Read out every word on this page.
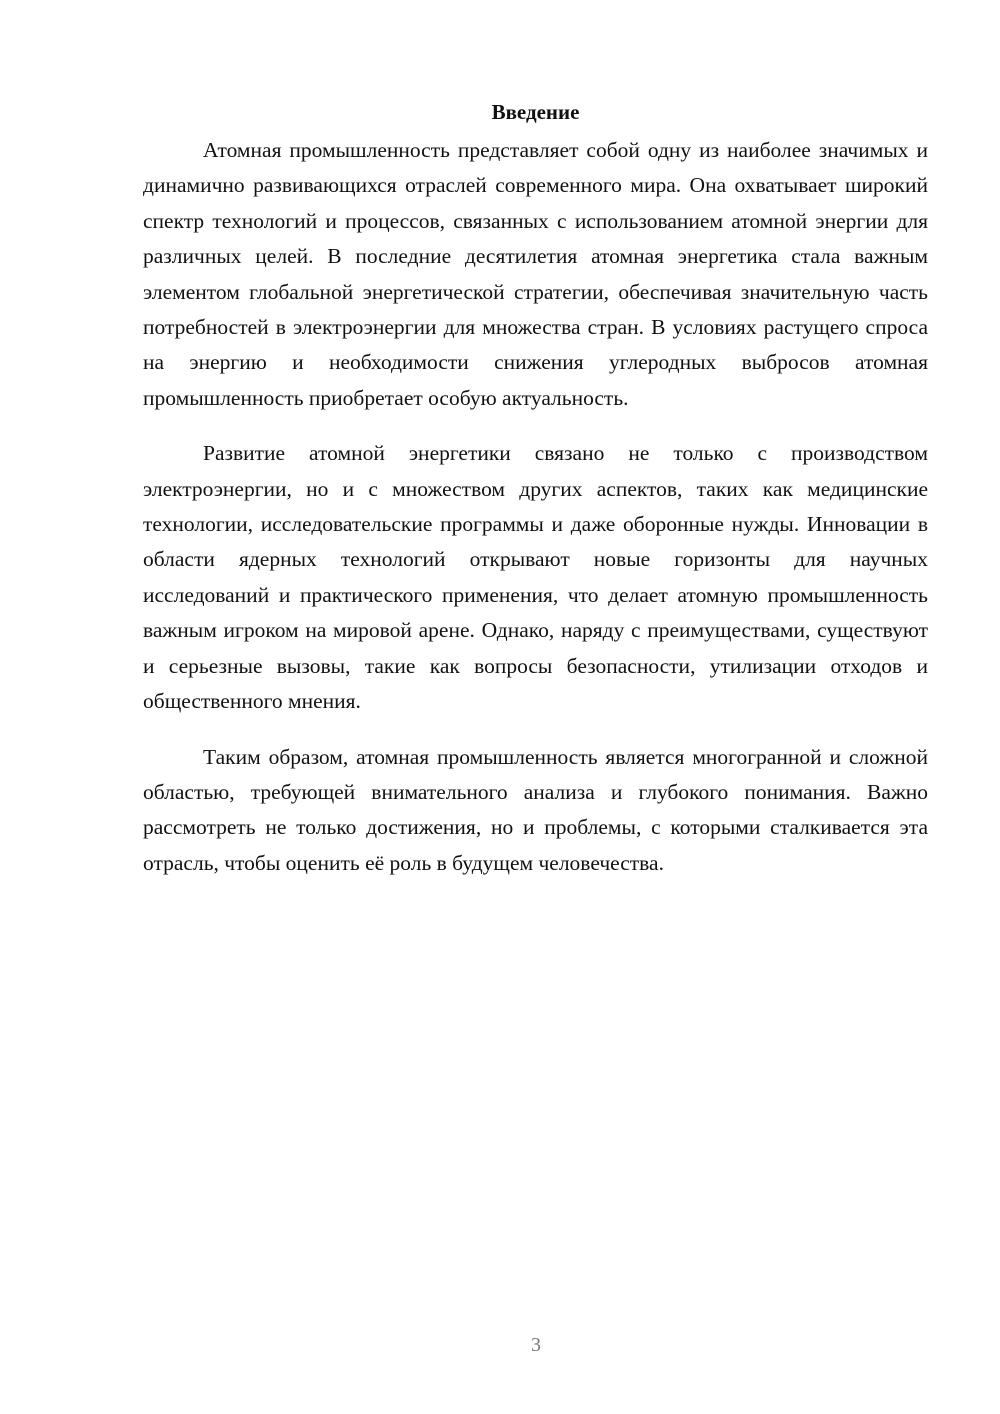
Введение

Атомная промышленность представляет собой одну из наиболее значимых и динамично развивающихся отраслей современного мира. Она охватывает широкий спектр технологий и процессов, связанных с использованием атомной энергии для различных целей. В последние десятилетия атомная энергетика стала важным элементом глобальной энергетической стратегии, обеспечивая значительную часть потребностей в электроэнергии для множества стран. В условиях растущего спроса на энергию и необходимости снижения углеродных выбросов атомная промышленность приобретает особую актуальность.

Развитие атомной энергетики связано не только с производством электроэнергии, но и с множеством других аспектов, таких как медицинские технологии, исследовательские программы и даже оборонные нужды. Инновации в области ядерных технологий открывают новые горизонты для научных исследований и практического применения, что делает атомную промышленность важным игроком на мировой арене. Однако, наряду с преимуществами, существуют и серьезные вызовы, такие как вопросы безопасности, утилизации отходов и общественного мнения.

Таким образом, атомная промышленность является многогранной и сложной областью, требующей внимательного анализа и глубокого понимания. Важно рассмотреть не только достижения, но и проблемы, с которыми сталкивается эта отрасль, чтобы оценить её роль в будущем человечества.

3
